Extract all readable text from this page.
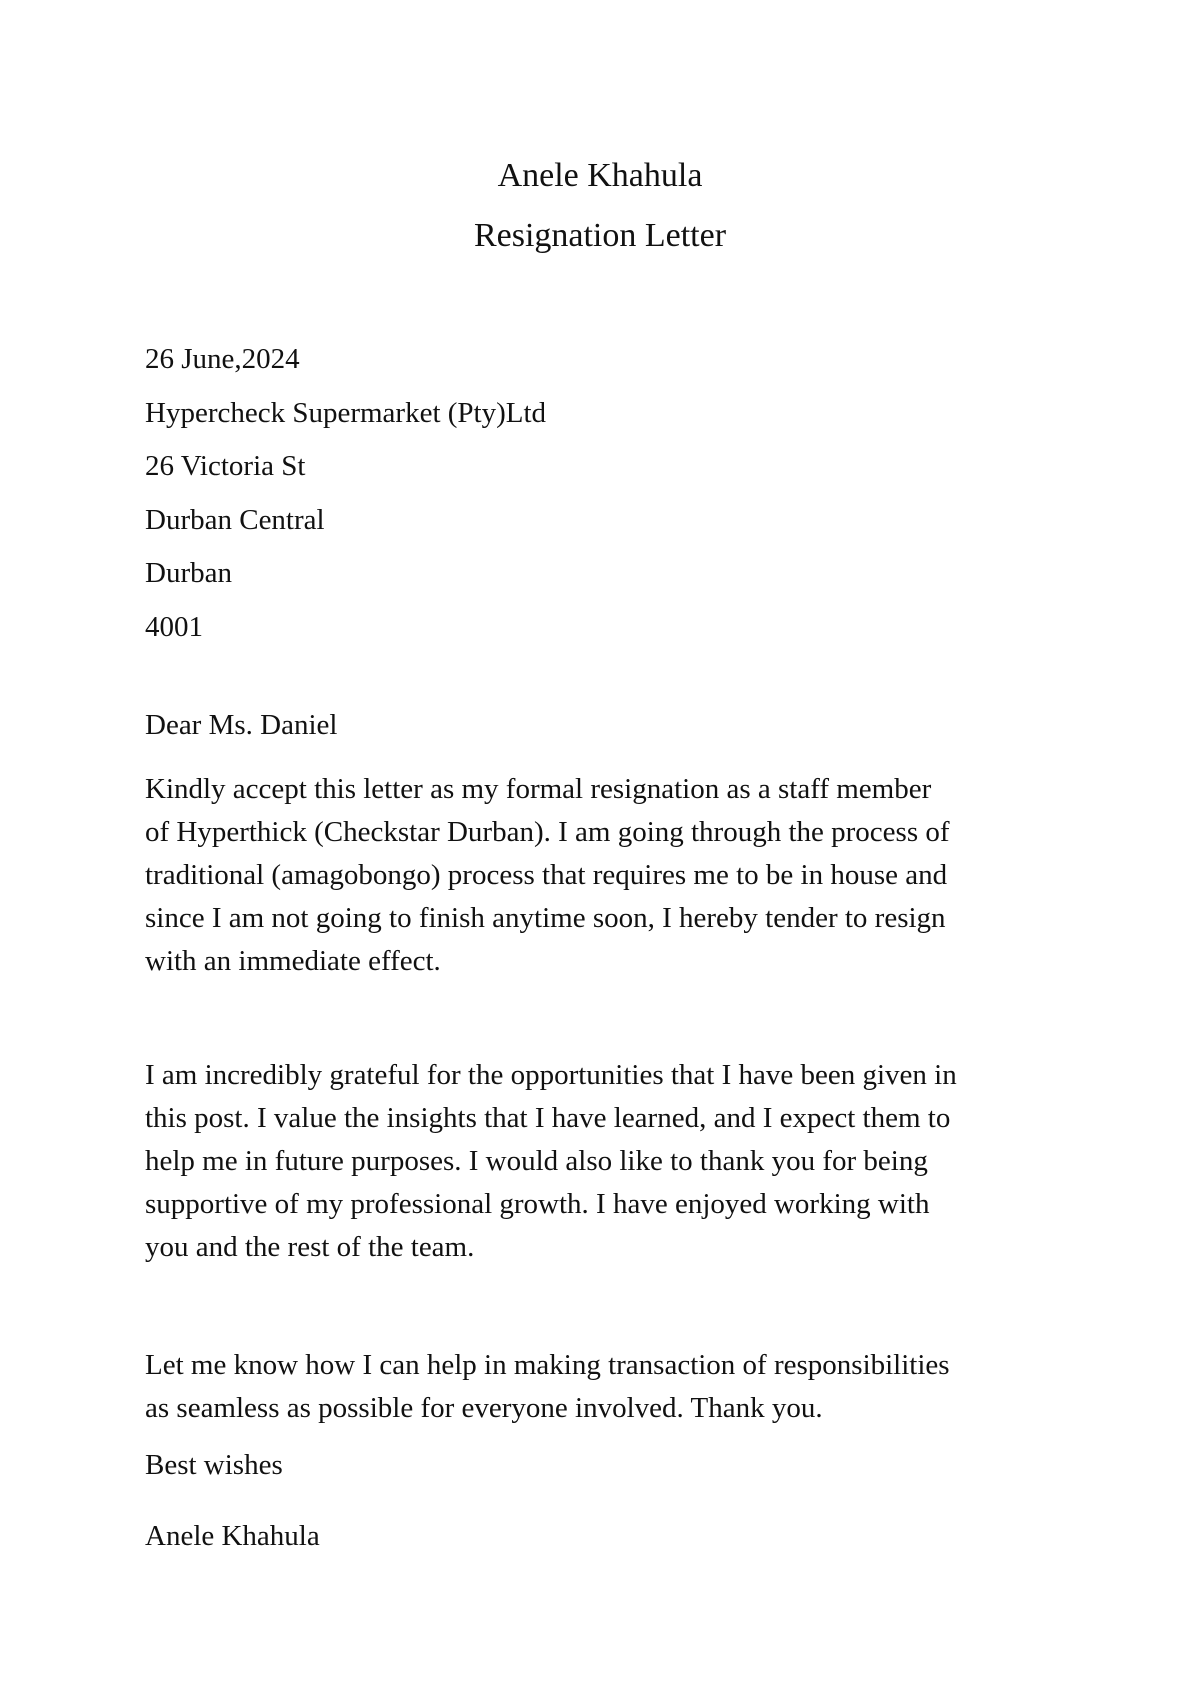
Anele Khahula
Resignation Letter
26 June,2024
Hypercheck Supermarket (Pty)Ltd
26 Victoria St
Durban Central
Durban
4001
Dear Ms. Daniel
Kindly accept this letter as my formal resignation as a staff member
of Hyperthick (Checkstar Durban). I am going through the process of
traditional (amagobongo) process that requires me to be in house and
since I am not going to finish anytime soon, I hereby tender to resign
with an immediate effect.
I am incredibly grateful for the opportunities that I have been given in
this post. I value the insights that I have learned, and I expect them to
help me in future purposes. I would also like to thank you for being
supportive of my professional growth. I have enjoyed working with
you and the rest of the team.
Let me know how I can help in making transaction of responsibilities
as seamless as possible for everyone involved. Thank you.
Best wishes
Anele Khahula
